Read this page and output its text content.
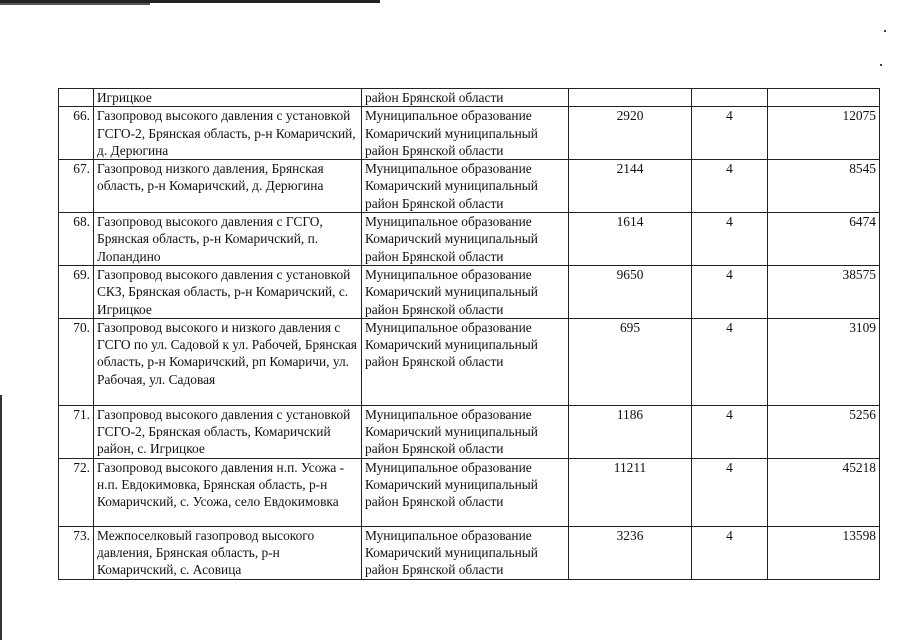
	Игрицкое	район Брянской области			
66.	Газопровод высокого давления с установкой ГСГО-2, Брянская область, р-н Комаричский, д. Дерюгина	Муниципальное образование Комаричский муниципальный район Брянской области	2920	4	12075
67.	Газопровод низкого давления, Брянская область, р-н Комаричский, д. Дерюгина	Муниципальное образование Комаричский муниципальный район Брянской области	2144	4	8545
68.	Газопровод высокого давления с ГСГО, Брянская область, р-н Комаричский, п. Лопандино	Муниципальное образование Комаричский муниципальный район Брянской области	1614	4	6474
69.	Газопровод высокого давления с установкой СКЗ, Брянская область, р-н Комаричский, с. Игрицкое	Муниципальное образование Комаричский муниципальный район Брянской области	9650	4	38575
70.	Газопровод высокого и низкого давления с ГСГО по ул. Садовой к ул. Рабочей, Брянская область, р-н Комаричский, рп Комаричи, ул. Рабочая, ул. Садовая	Муниципальное образование Комаричский муниципальный район Брянской области	695	4	3109
71.	Газопровод высокого давления с установкой ГСГО-2, Брянская область, Комаричский район, с. Игрицкое	Муниципальное образование Комаричский муниципальный район Брянской области	1186	4	5256
72.	Газопровод высокого давления н.п. Усожа - н.п. Евдокимовка, Брянская область, р-н Комаричский, с. Усожа, село Евдокимовка	Муниципальное образование Комаричский муниципальный район Брянской области	11211	4	45218
73.	Межпоселковый газопровод высокого давления, Брянская область, р-н Комаричский, с. Асовица	Муниципальное образование Комаричский муниципальный район Брянской области	3236	4	13598
